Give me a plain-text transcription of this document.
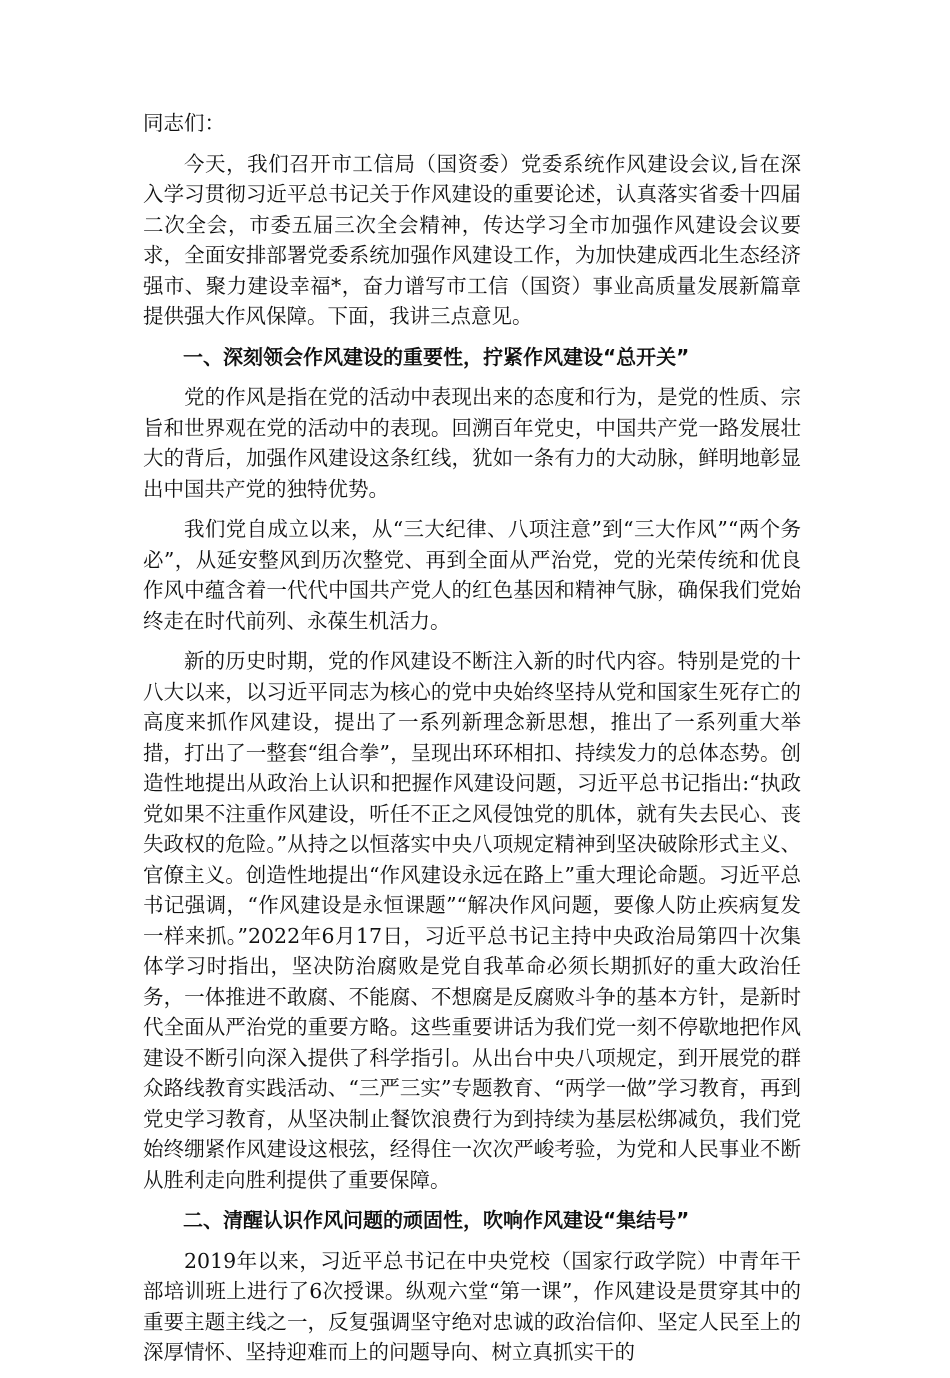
同志们：

今天，我们召开市工信局（国资委）党委系统作风建设会议,旨在深入学习贯彻习近平总书记关于作风建设的重要论述，认真落实省委十四届二次全会，市委五届三次全会精神，传达学习全市加强作风建设会议要求，全面安排部署党委系统加强作风建设工作，为加快建成西北生态经济强市、聚力建设幸福*，奋力谱写市工信（国资）事业高质量发展新篇章提供强大作风保障。下面，我讲三点意见。

一、深刻领会作风建设的重要性，拧紧作风建设“总开关”

党的作风是指在党的活动中表现出来的态度和行为，是党的性质、宗旨和世界观在党的活动中的表现。回溯百年党史，中国共产党一路发展壮大的背后，加强作风建设这条红线，犹如一条有力的大动脉，鲜明地彰显出中国共产党的独特优势。

我们党自成立以来，从“三大纪律、八项注意”到“三大作风”“两个务必”，从延安整风到历次整党、再到全面从严治党，党的光荣传统和优良作风中蕴含着一代代中国共产党人的红色基因和精神气脉，确保我们党始终走在时代前列、永葆生机活力。

新的历史时期，党的作风建设不断注入新的时代内容。特别是党的十八大以来，以习近平同志为核心的党中央始终坚持从党和国家生死存亡的高度来抓作风建设，提出了一系列新理念新思想，推出了一系列重大举措，打出了一整套“组合拳”，呈现出环环相扣、持续发力的总体态势。创造性地提出从政治上认识和把握作风建设问题，习近平总书记指出:“执政党如果不注重作风建设，听任不正之风侵蚀党的肌体，就有失去民心、丧失政权的危险。”从持之以恒落实中央八项规定精神到坚决破除形式主义、官僚主义。创造性地提出“作风建设永远在路上”重大理论命题。习近平总书记强调，“作风建设是永恒课题”“解决作风问题，要像人防止疾病复发一样来抓。”2022年6月17日，习近平总书记主持中央政治局第四十次集体学习时指出，坚决防治腐败是党自我革命必须长期抓好的重大政治任务，一体推进不敢腐、不能腐、不想腐是反腐败斗争的基本方针，是新时代全面从严治党的重要方略。这些重要讲话为我们党一刻不停歇地把作风建设不断引向深入提供了科学指引。从出台中央八项规定，到开展党的群众路线教育实践活动、“三严三实”专题教育、“两学一做”学习教育，再到党史学习教育，从坚决制止餐饮浪费行为到持续为基层松绑减负，我们党始终绷紧作风建设这根弦，经得住一次次严峻考验，为党和人民事业不断从胜利走向胜利提供了重要保障。

二、清醒认识作风问题的顽固性，吹响作风建设“集结号”

2019年以来，习近平总书记在中央党校（国家行政学院）中青年干部培训班上进行了6次授课。纵观六堂“第一课”，作风建设是贯穿其中的重要主题主线之一，反复强调坚守绝对忠诚的政治信仰、坚定人民至上的深厚情怀、坚持迎难而上的问题导向、树立真抓实干的
